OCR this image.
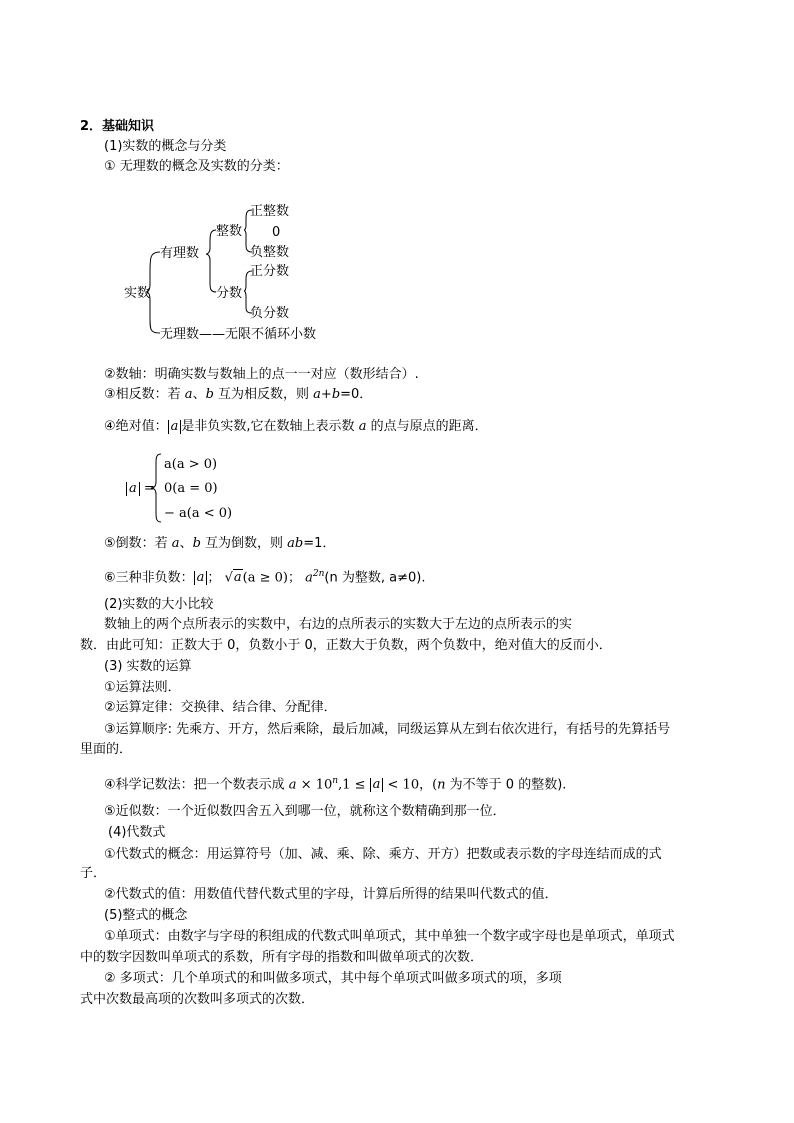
2．基础知识
(1)实数的概念与分类
① 无理数的概念及实数的分类：
实数
有理数
整数
正整数
0
负整数
分数
正分数
负分数
无理数——无限不循环小数
②数轴：明确实数与数轴上的点一一对应（数形结合）.
③相反数：若 a、b 互为相反数，则 a+b=0．
④绝对值： a 是非负实数,它在数轴上表示数 a 的点与原点的距离．
a =
a(a > 0)
0(a = 0)
− a(a < 0)
⑤倒数：若 a、b 互为倒数，则 ab=1．
⑥三种非负数： a ； √a(a ≥ 0)； $a^{2n}(n$ 为整数, a≠0).
(2)实数的大小比较
数轴上的两个点所表示的实数中，右边的点所表示的实数大于左边的点所表示的实
数．由此可知：正数大于 0，负数小于 0，正数大于负数，两个负数中，绝对值大的反而小．
(3) 实数的运算
①运算法则．
②运算定律：交换律、结合律、分配律．
③运算顺序: 先乘方、开方，然后乘除，最后加减，同级运算从左到右依次进行，有括号的先算括号
里面的．
④科学记数法：把一个数表示成 $a \times 10^n,1 \le a < 10$，(n 为不等于 0 的整数).
⑤近似数：一个近似数四舍五入到哪一位，就称这个数精确到那一位．
(4)代数式
①代数式的概念：用运算符号（加、减、乘、除、乘方、开方）把数或表示数的字母连结而成的式
子．
②代数式的值：用数值代替代数式里的字母，计算后所得的结果叫代数式的值．
(5)整式的概念
①单项式：由数字与字母的积组成的代数式叫单项式，其中单独一个数字或字母也是单项式，单项式
中的数字因数叫单项式的系数，所有字母的指数和叫做单项式的次数．
② 多项式：几个单项式的和叫做多项式，其中每个单项式叫做多项式的项，多项
式中次数最高项的次数叫多项式的次数．
